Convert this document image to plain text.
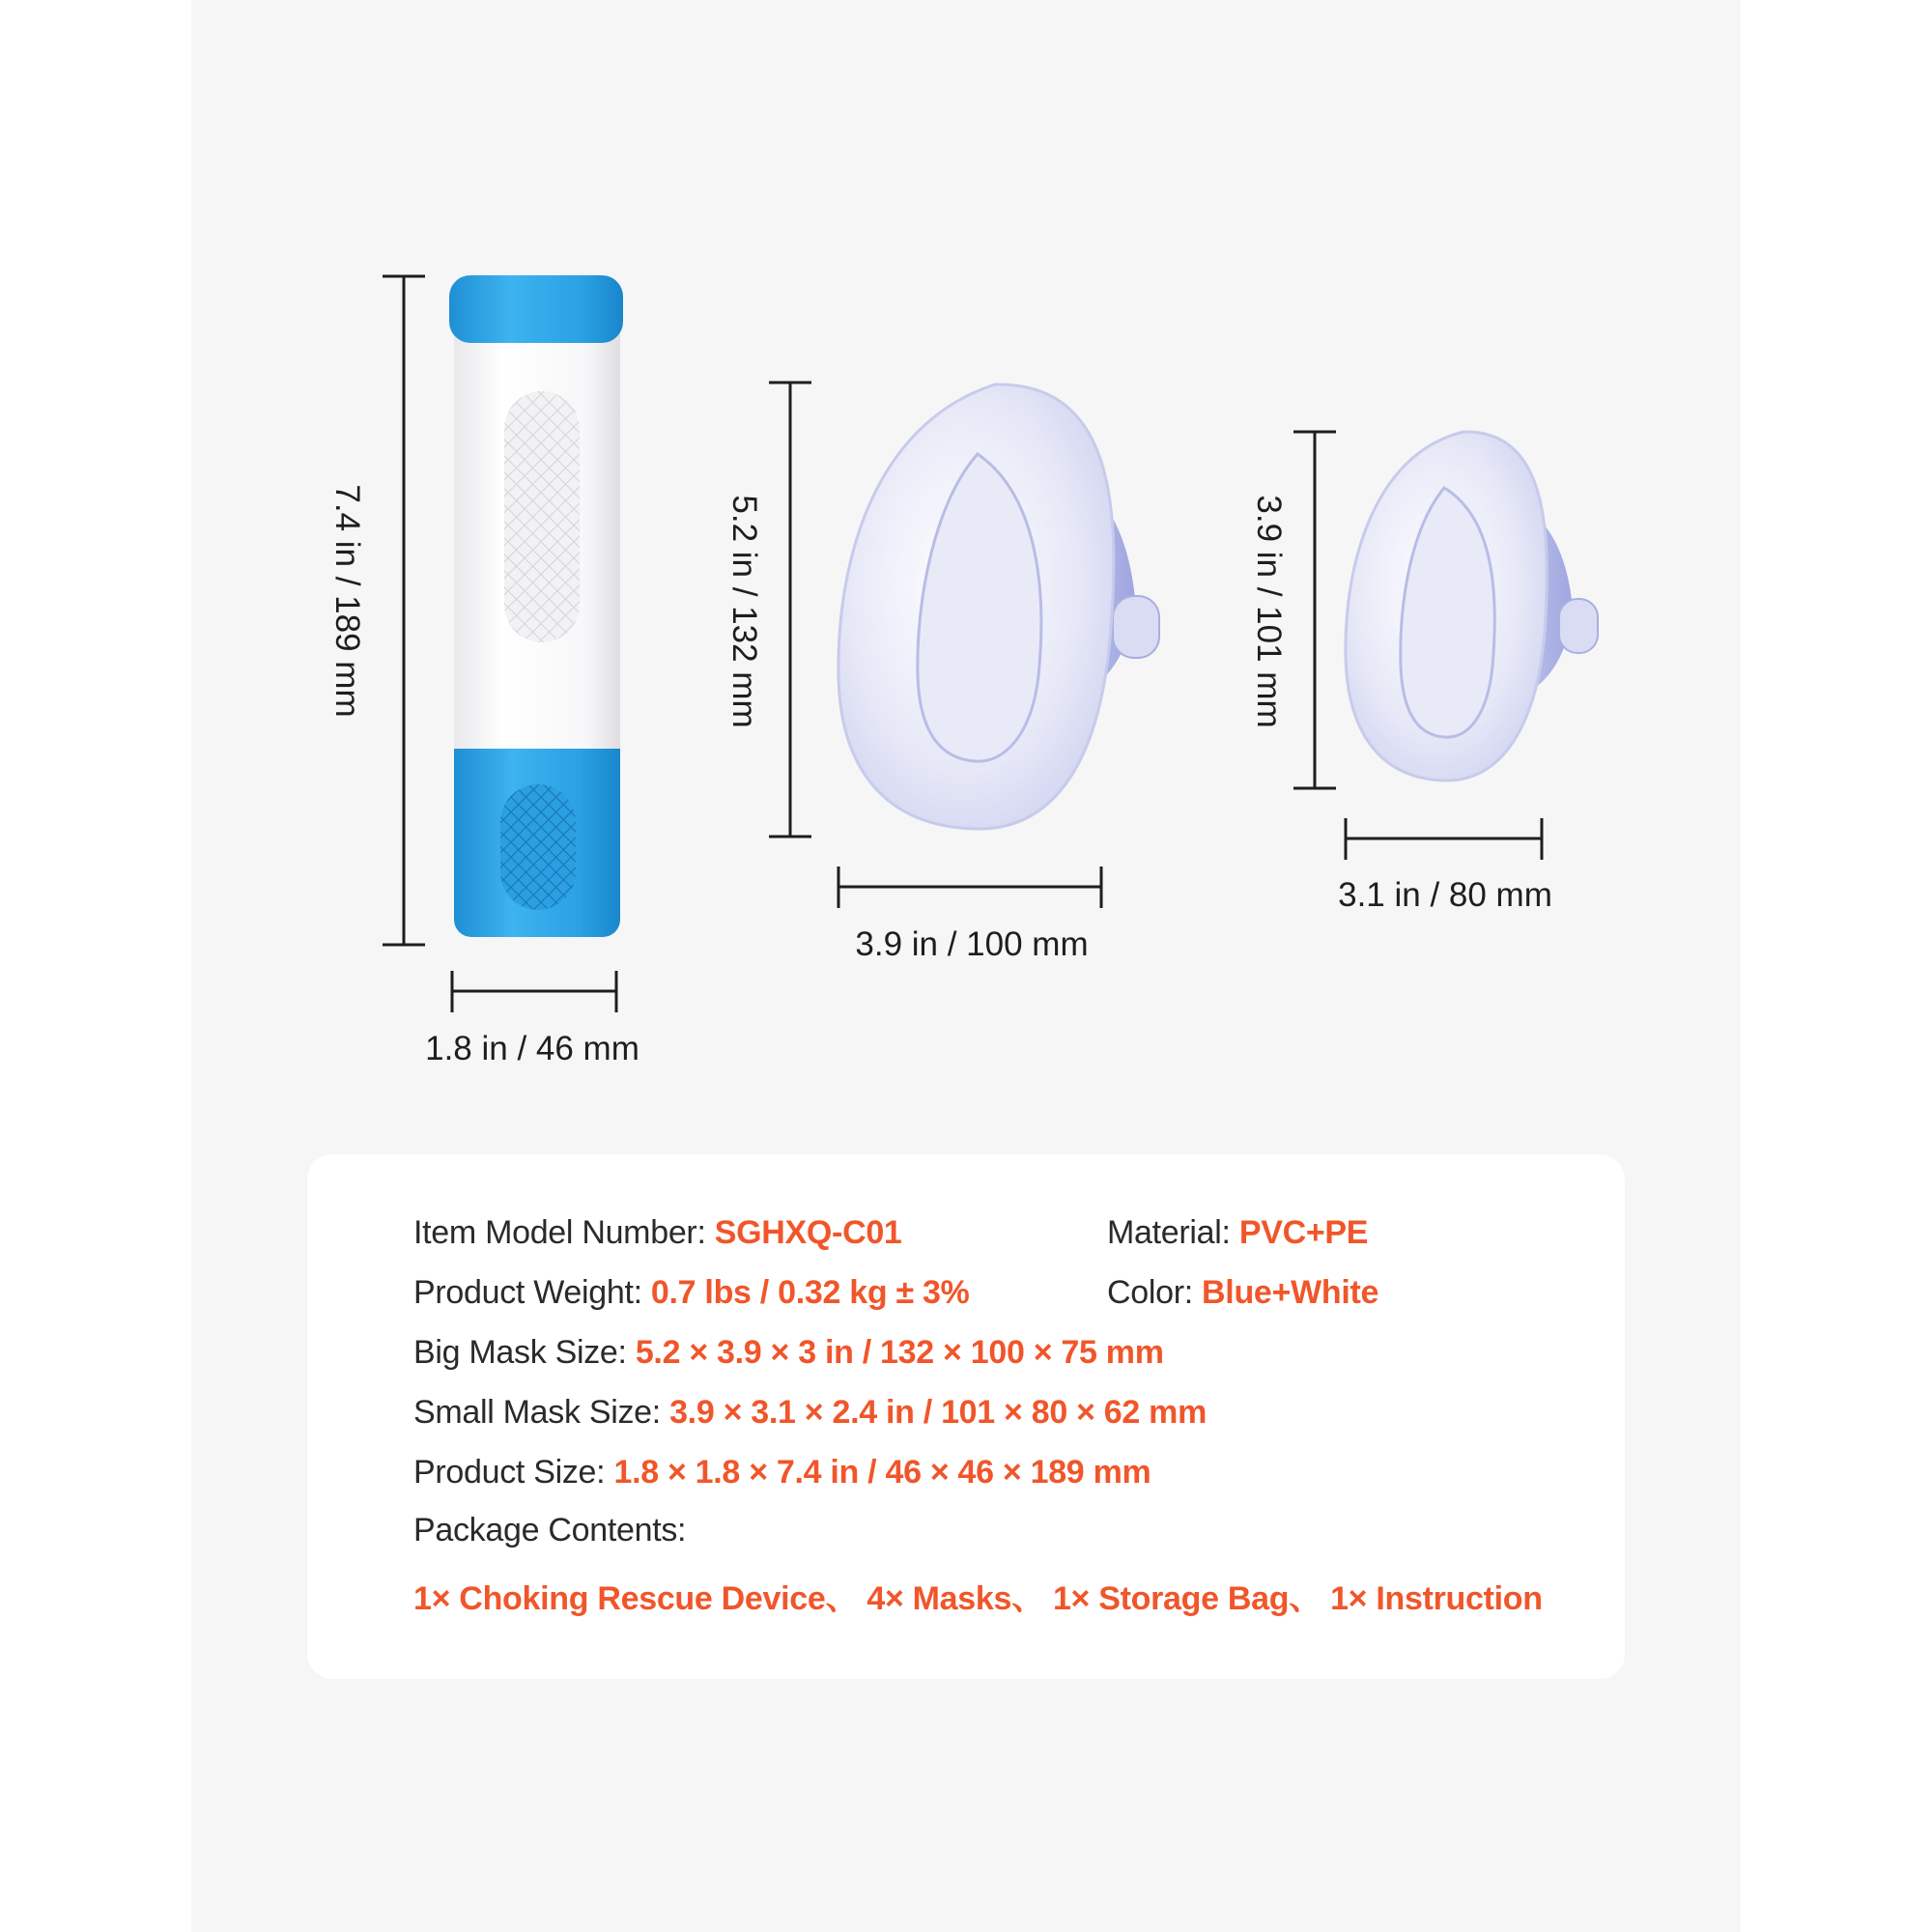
7.4 in / 189 mm
1.8 in / 46 mm
5.2 in / 132 mm
3.9 in / 100 mm
3.9 in / 101 mm
3.1 in / 80 mm
Item Model Number: SGHXQ-C01	Material: PVC+PE
Product Weight: 0.7 lbs / 0.32 kg ± 3%	Color: Blue+White
Big Mask Size: 5.2 × 3.9 × 3 in / 132 × 100 × 75 mm
Small Mask Size: 3.9 × 3.1 × 2.4 in / 101 × 80 × 62 mm
Product Size: 1.8 × 1.8 × 7.4 in / 46 × 46 × 189 mm
Package Contents:
1× Choking Rescue Device、 4× Masks、 1× Storage Bag、 1× Instruction
